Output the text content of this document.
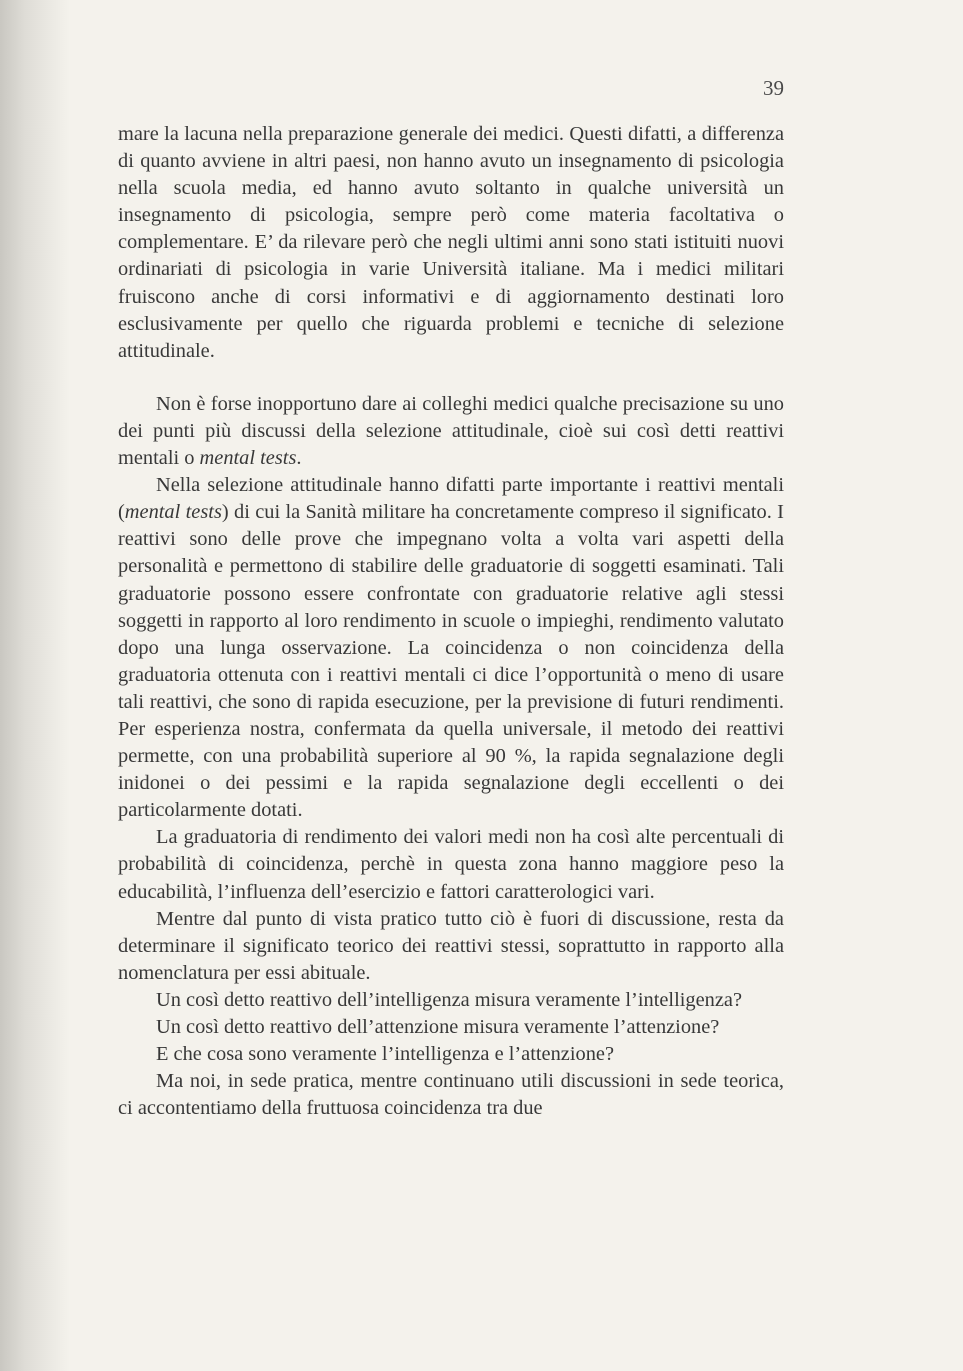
39

mare la lacuna nella preparazione generale dei medici. Questi difatti, a differenza di quanto avviene in altri paesi, non hanno avuto un insegnamento di psicologia nella scuola media, ed hanno avuto soltanto in qualche università un insegnamento di psicologia, sempre però come materia facoltativa o complementare. E’ da rilevare però che negli ultimi anni sono stati istituiti nuovi ordinariati di psicologia in varie Università italiane. Ma i medici militari fruiscono anche di corsi informativi e di aggiornamento destinati loro esclusivamente per quello che riguarda problemi e tecniche di selezione attitudinale.

Non è forse inopportuno dare ai colleghi medici qualche precisazione su uno dei punti più discussi della selezione attitudinale, cioè sui così detti reattivi mentali o mental tests.

Nella selezione attitudinale hanno difatti parte importante i reattivi mentali (mental tests) di cui la Sanità militare ha concretamente compreso il significato. I reattivi sono delle prove che impegnano volta a volta vari aspetti della personalità e permettono di stabilire delle graduatorie di soggetti esaminati. Tali graduatorie possono essere confrontate con graduatorie relative agli stessi soggetti in rapporto al loro rendimento in scuole o impieghi, rendimento valutato dopo una lunga osservazione. La coincidenza o non coincidenza della graduatoria ottenuta con i reattivi mentali ci dice l’opportunità o meno di usare tali reattivi, che sono di rapida esecuzione, per la previsione di futuri rendimenti. Per esperienza nostra, confermata da quella universale, il metodo dei reattivi permette, con una probabilità superiore al 90 %, la rapida segnalazione degli inidonei o dei pessimi e la rapida segnalazione degli eccellenti o dei particolarmente dotati.

La graduatoria di rendimento dei valori medi non ha così alte percentuali di probabilità di coincidenza, perchè in questa zona hanno maggiore peso la educabilità, l’influenza dell’esercizio e fattori caratterologici vari.

Mentre dal punto di vista pratico tutto ciò è fuori di discussione, resta da determinare il significato teorico dei reattivi stessi, soprattutto in rapporto alla nomenclatura per essi abituale.

Un così detto reattivo dell’intelligenza misura veramente l’intelligenza?

Un così detto reattivo dell’attenzione misura veramente l’attenzione?

E che cosa sono veramente l’intelligenza e l’attenzione?

Ma noi, in sede pratica, mentre continuano utili discussioni in sede teorica, ci accontentiamo della fruttuosa coincidenza tra due
